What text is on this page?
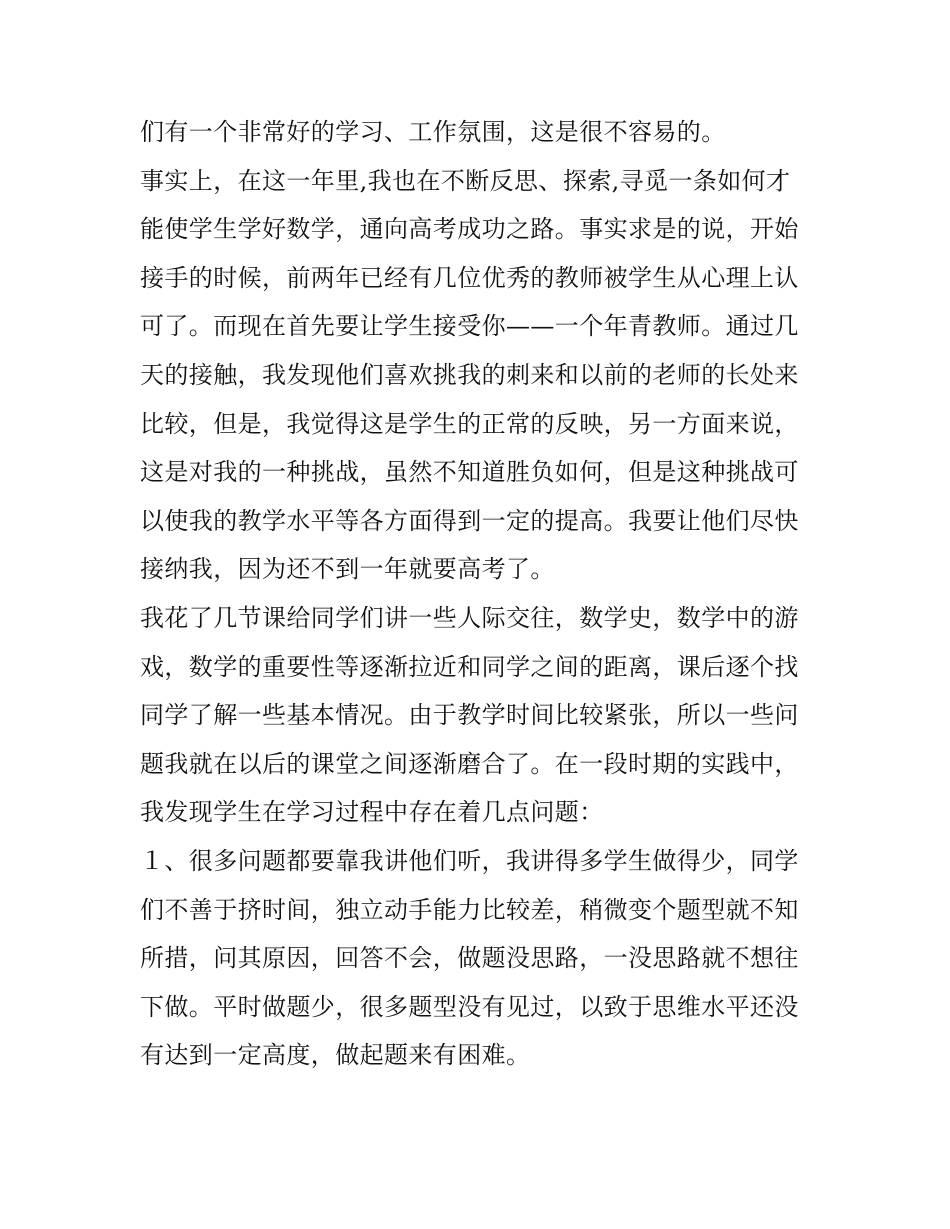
们有一个非常好的学习、工作氛围，这是很不容易的。
事实上，在这一年里,我也在不断反思、探索,寻觅一条如何才
能使学生学好数学，通向高考成功之路。事实求是的说，开始
接手的时候，前两年已经有几位优秀的教师被学生从心理上认
可了。而现在首先要让学生接受你——一个年青教师。通过几
天的接触，我发现他们喜欢挑我的刺来和以前的老师的长处来
比较，但是，我觉得这是学生的正常的反映，另一方面来说，
这是对我的一种挑战，虽然不知道胜负如何，但是这种挑战可
以使我的教学水平等各方面得到一定的提高。我要让他们尽快
接纳我，因为还不到一年就要高考了。
我花了几节课给同学们讲一些人际交往，数学史，数学中的游
戏，数学的重要性等逐渐拉近和同学之间的距离，课后逐个找
同学了解一些基本情况。由于教学时间比较紧张，所以一些问
题我就在以后的课堂之间逐渐磨合了。在一段时期的实践中，
我发现学生在学习过程中存在着几点问题：
１、很多问题都要靠我讲他们听，我讲得多学生做得少，同学
们不善于挤时间，独立动手能力比较差，稍微变个题型就不知
所措，问其原因，回答不会，做题没思路，一没思路就不想往
下做。平时做题少，很多题型没有见过，以致于思维水平还没
有达到一定高度，做起题来有困难。
